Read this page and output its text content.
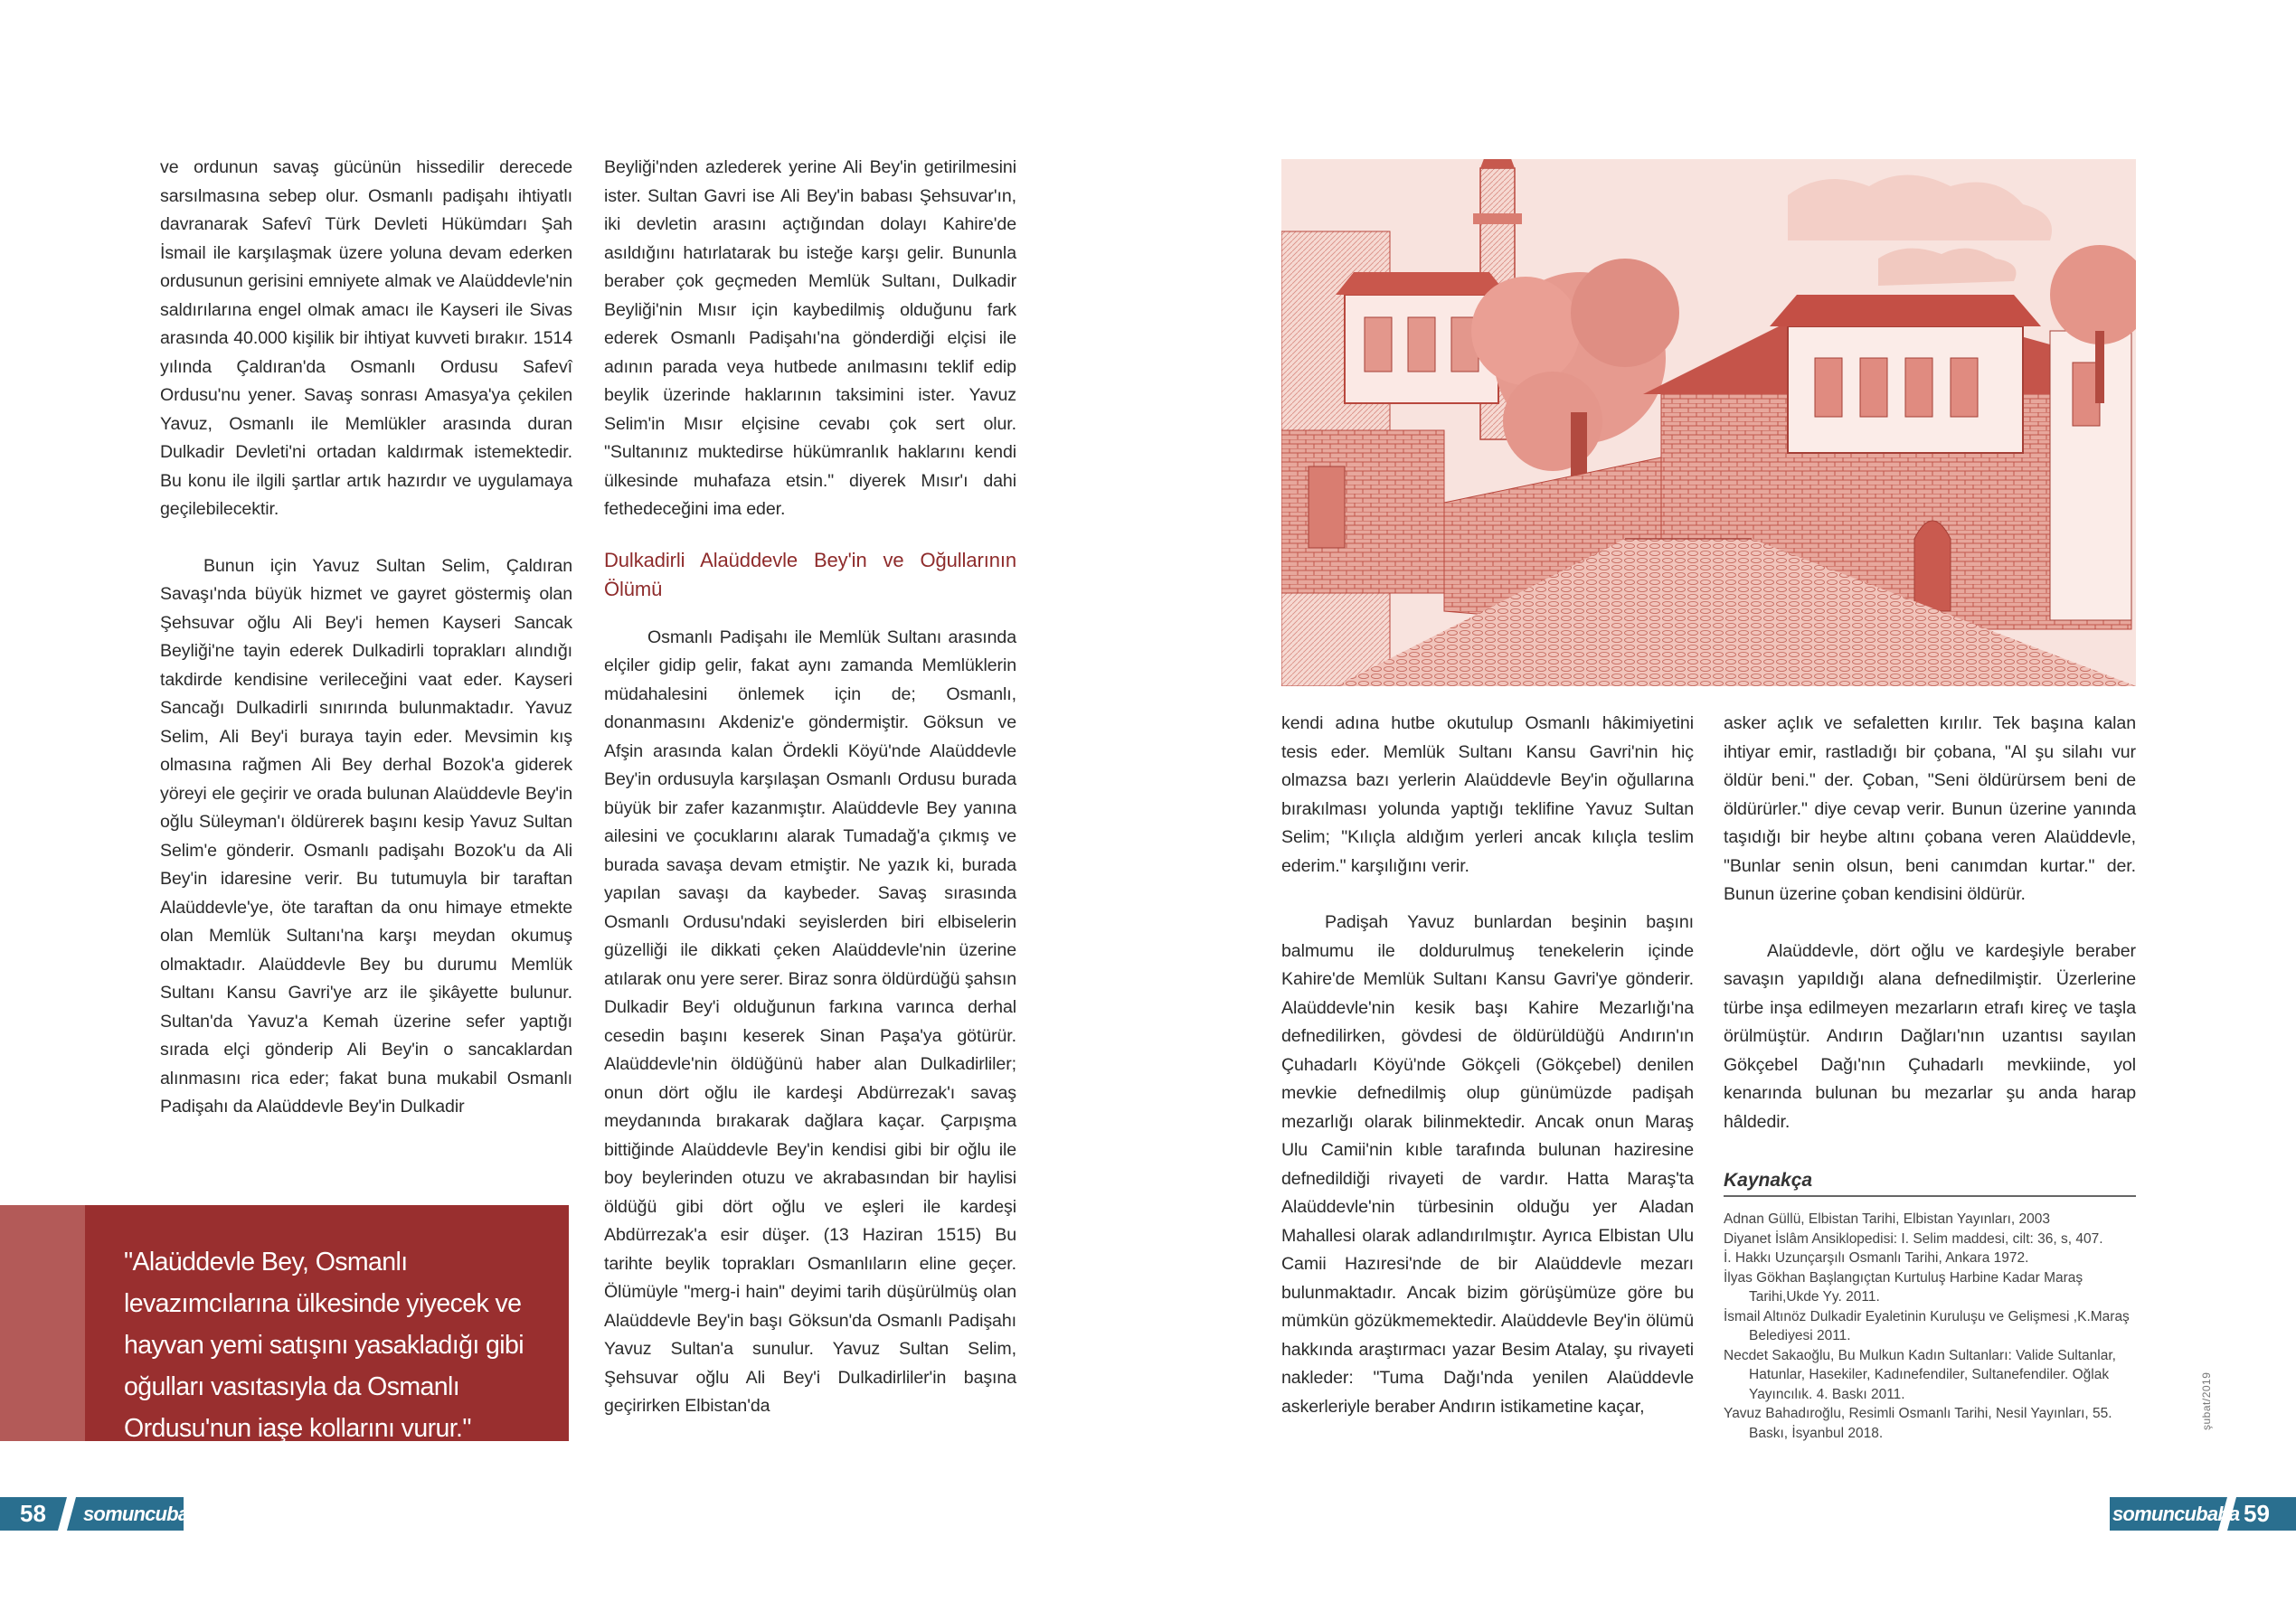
ve ordunun savaş gücünün hissedilir derecede sarsılmasına sebep olur. Osmanlı padişahı ihtiyatlı davranarak Safevî Türk Devleti Hükümdarı Şah İsmail ile karşılaşmak üzere yoluna devam ederken ordusunun gerisini emniyete almak ve Alaüddevle'nin saldırılarına engel olmak amacı ile Kayseri ile Sivas arasında 40.000 kişilik bir ihtiyat kuvveti bırakır. 1514 yılında Çaldıran'da Osmanlı Ordusu Safevî Ordusu'nu yener. Savaş sonrası Amasya'ya çekilen Yavuz, Osmanlı ile Memlükler arasında duran Dulkadir Devleti'ni ortadan kaldırmak istemektedir. Bu konu ile ilgili şartlar artık hazırdır ve uygulamaya geçilebilecektir.

Bunun için Yavuz Sultan Selim, Çaldıran Savaşı'nda büyük hizmet ve gayret göstermiş olan Şehsuvar oğlu Ali Bey'i hemen Kayseri Sancak Beyliği'ne tayin ederek Dulkadirli toprakları alındığı takdirde kendisine verileceğini vaat eder. Kayseri Sancağı Dulkadirli sınırında bulunmaktadır. Yavuz Selim, Ali Bey'i buraya tayin eder. Mevsimin kış olmasına rağmen Ali Bey derhal Bozok'a giderek yöreyi ele geçirir ve orada bulunan Alaüddevle Bey'in oğlu Süleyman'ı öldürerek başını kesip Yavuz Sultan Selim'e gönderir. Osmanlı padişahı Bozok'u da Ali Bey'in idaresine verir. Bu tutumuyla bir taraftan Alaüddevle'ye, öte taraftan da onu himaye etmekte olan Memlük Sultanı'na karşı meydan okumuş olmaktadır. Alaüddevle Bey bu durumu Memlük Sultanı Kansu Gavri'ye arz ile şikâyette bulunur. Sultan'da Yavuz'a Kemah üzerine sefer yaptığı sırada elçi gönderip Ali Bey'in o sancaklardan alınmasını rica eder; fakat buna mukabil Osmanlı Padişahı da Alaüddevle Bey'in Dulkadir

Beyliği'nden azlederek yerine Ali Bey'in getirilmesini ister. Sultan Gavri ise Ali Bey'in babası Şehsuvar'ın, iki devletin arasını açtığından dolayı Kahire'de asıldığını hatırlatarak bu isteğe karşı gelir. Bununla beraber çok geçmeden Memlük Sultanı, Dulkadir Beyliği'nin Mısır için kaybedilmiş olduğunu fark ederek Osmanlı Padişahı'na gönderdiği elçisi ile adının parada veya hutbede anılmasını teklif edip beylik üzerinde haklarının taksimini ister. Yavuz Selim'in Mısır elçisine cevabı çok sert olur. "Sultanınız muktedirse hükümranlık haklarını kendi ülkesinde muhafaza etsin." diyerek Mısır'ı dahi fethedeceğini ima eder.

Dulkadirli Alaüddevle Bey'in ve Oğullarının Ölümü

Osmanlı Padişahı ile Memlük Sultanı arasında elçiler gidip gelir, fakat aynı zamanda Memlüklerin müdahalesini önlemek için de; Osmanlı, donanmasını Akdeniz'e göndermiştir. Göksun ve Afşin arasında kalan Ördekli Köyü'nde Alaüddevle Bey'in ordusuyla karşılaşan Osmanlı Ordusu burada büyük bir zafer kazanmıştır. Alaüddevle Bey yanına ailesini ve çocuklarını alarak Tumadağ'a çıkmış ve burada savaşa devam etmiştir. Ne yazık ki, burada yapılan savaşı da kaybeder. Savaş sırasında Osmanlı Ordusu'ndaki seyislerden biri elbiselerin güzelliği ile dikkati çeken Alaüddevle'nin üzerine atılarak onu yere serer. Biraz sonra öldürdüğü şahsın Dulkadir Bey'i olduğunun farkına varınca derhal cesedin başını keserek Sinan Paşa'ya götürür. Alaüddevle'nin öldüğünü haber alan Dulkadirliler; onun dört oğlu ile kardeşi Abdürrezak'ı savaş meydanında bırakarak dağlara kaçar. Çarpışma bittiğinde Alaüddevle Bey'in kendisi gibi bir oğlu ile boy beylerinden otuzu ve akrabasından bir haylisi öldüğü gibi dört oğlu ve eşleri ile kardeşi Abdürrezak'a esir düşer. (13 Haziran 1515) Bu tarihte beylik toprakları Osmanlıların eline geçer. Ölümüyle "merg-i hain" deyimi tarih düşürülmüş olan Alaüddevle Bey'in başı Göksun'da Osmanlı Padişahı Yavuz Sultan'a sunulur. Yavuz Sultan Selim, Şehsuvar oğlu Ali Bey'i Dulkadirliler'in başına geçirirken Elbistan'da

"Alaüddevle Bey, Osmanlı levazımcılarına ülkesinde yiyecek ve hayvan yemi satışını yasakladığı gibi oğulları vasıtasıyla da Osmanlı Ordusu'nun iaşe kollarını vurur."

kendi adına hutbe okutulup Osmanlı hâkimiyetini tesis eder. Memlük Sultanı Kansu Gavri'nin hiç olmazsa bazı yerlerin Alaüddevle Bey'in oğullarına bırakılması yolunda yaptığı teklifine Yavuz Sultan Selim; "Kılıçla aldığım yerleri ancak kılıçla teslim ederim." karşılığını verir.

Padişah Yavuz bunlardan beşinin başını balmumu ile doldurulmuş tenekelerin içinde Kahire'de Memlük Sultanı Kansu Gavri'ye gönderir. Alaüddevle'nin kesik başı Kahire Mezarlığı'na defnedilirken, gövdesi de öldürüldüğü Andırın'ın Çuhadarlı Köyü'nde Gökçeli (Gökçebel) denilen mevkie defnedilmiş olup günümüzde padişah mezarlığı olarak bilinmektedir. Ancak onun Maraş Ulu Camii'nin kıble tarafında bulunan haziresine defnedildiği rivayeti de vardır. Hatta Maraş'ta Alaüddevle'nin türbesinin olduğu yer Aladan Mahallesi olarak adlandırılmıştır. Ayrıca Elbistan Ulu Camii Hazıresi'nde de bir Alaüddevle mezarı bulunmaktadır. Ancak bizim görüşümüze göre bu mümkün gözükmemektedir. Alaüddevle Bey'in ölümü hakkında araştırmacı yazar Besim Atalay, şu rivayeti nakleder: "Tuma Dağı'nda yenilen Alaüddevle askerleriyle beraber Andırın istikametine kaçar,

asker açlık ve sefaletten kırılır. Tek başına kalan ihtiyar emir, rastladığı bir çobana, "Al şu silahı vur öldür beni." der. Çoban, "Seni öldürürsem beni de öldürürler." diye cevap verir. Bunun üzerine yanında taşıdığı bir heybe altını çobana veren Alaüddevle, "Bunlar senin olsun, beni canımdan kurtar." der. Bunun üzerine çoban kendisini öldürür.

Alaüddevle, dört oğlu ve kardeşiyle beraber savaşın yapıldığı alana defnedilmiştir. Üzerlerine türbe inşa edilmeyen mezarların etrafı kireç ve taşla örülmüştür. Andırın Dağları'nın uzantısı sayılan Gökçebel Dağı'nın Çuhadarlı mevkiinde, yol kenarında bulunan bu mezarlar şu anda harap hâldedir.

Kaynakça
Adnan Güllü, Elbistan Tarihi, Elbistan Yayınları, 2003
Diyanet İslâm Ansiklopedisi: I. Selim maddesi, cilt: 36, s, 407.
İ. Hakkı Uzunçarşılı Osmanlı Tarihi, Ankara 1972.
İlyas Gökhan Başlangıçtan Kurtuluş Harbine Kadar Maraş Tarihi,Ukde Yy. 2011.
İsmail Altınöz Dulkadir Eyaletinin Kuruluşu ve Gelişmesi ,K.Maraş Belediyesi 2011.
Necdet Sakaoğlu, Bu Mulkun Kadın Sultanları: Valide Sultanlar, Hatunlar, Hasekiler, Kadınefendiler, Sultanefendiler. Oğlak Yayıncılık. 4. Baskı 2011.
Yavuz Bahadıroğlu, Resimli Osmanlı Tarihi, Nesil Yayınları, 55. Baskı, İsyanbul 2018.
şubat/2019
58 somuncubaba	somuncubaba 59
